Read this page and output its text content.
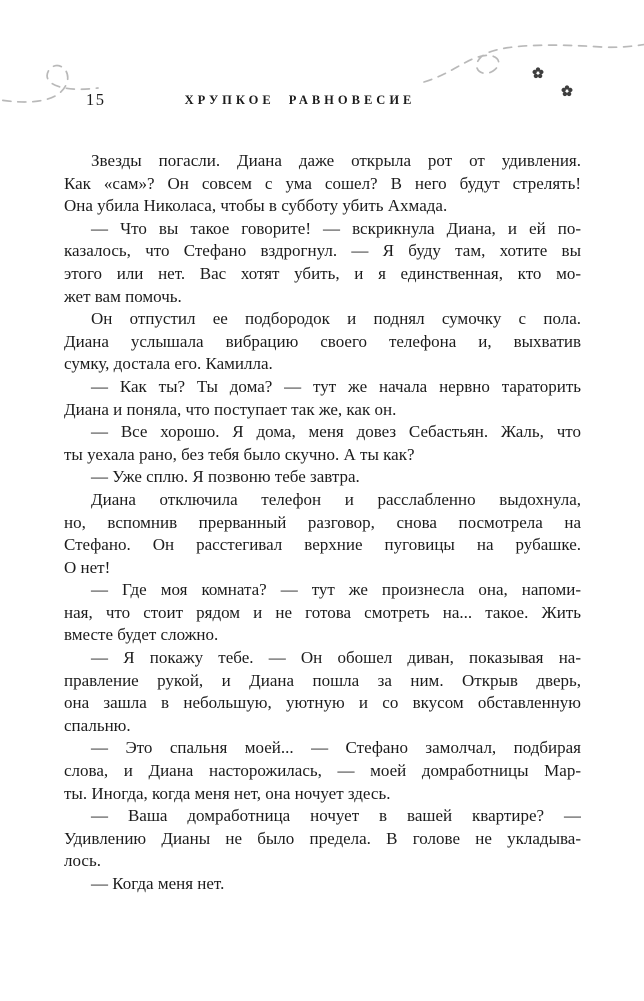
15	ХРУПКОЕ РАВНОВЕСИЕ
Звезды погасли. Диана даже открыла рот от удивления.
Как «сам»? Он совсем с ума сошел? В него будут стрелять!
Она убила Николаса, чтобы в субботу убить Ахмада.
— Что вы такое говорите! — вскрикнула Диана, и ей по-
казалось, что Стефано вздрогнул. — Я буду там, хотите вы
этого или нет. Вас хотят убить, и я единственная, кто мо-
жет вам помочь.
Он отпустил ее подбородок и поднял сумочку с пола.
Диана услышала вибрацию своего телефона и, выхватив
сумку, достала его. Камилла.
— Как ты? Ты дома? — тут же начала нервно тараторить
Диана и поняла, что поступает так же, как он.
— Все хорошо. Я дома, меня довез Себастьян. Жаль, что
ты уехала рано, без тебя было скучно. А ты как?
— Уже сплю. Я позвоню тебе завтра.
Диана отключила телефон и расслабленно выдохнула,
но, вспомнив прерванный разговор, снова посмотрела на
Стефано. Он расстегивал верхние пуговицы на рубашке.
О нет!
— Где моя комната? — тут же произнесла она, напоми-
ная, что стоит рядом и не готова смотреть на... такое. Жить
вместе будет сложно.
— Я покажу тебе. — Он обошел диван, показывая на-
правление рукой, и Диана пошла за ним. Открыв дверь,
она зашла в небольшую, уютную и со вкусом обставленную
спальню.
— Это спальня моей... — Стефано замолчал, подбирая
слова, и Диана насторожилась, — моей домработницы Мар-
ты. Иногда, когда меня нет, она ночует здесь.
— Ваша домработница ночует в вашей квартире? —
Удивлению Дианы не было предела. В голове не укладыва-
лось.
— Когда меня нет.
